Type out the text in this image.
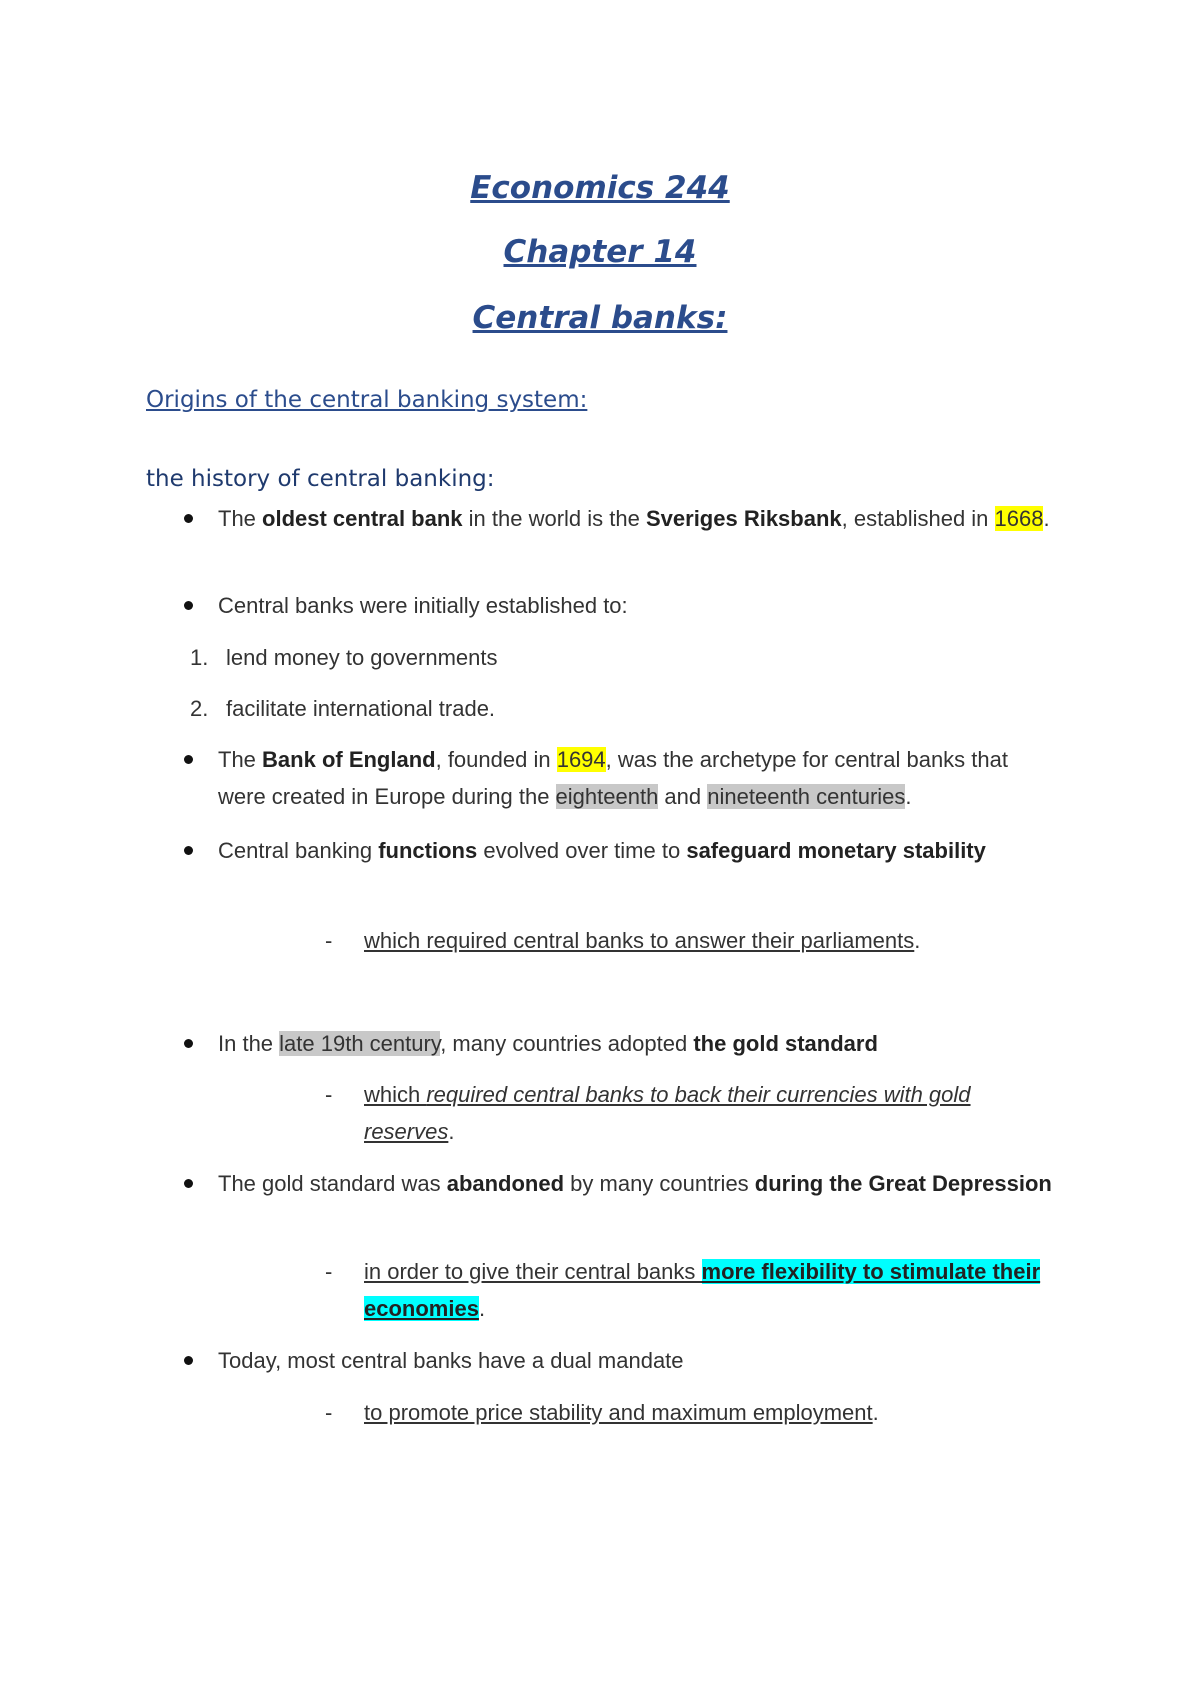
Economics 244
Chapter 14
Central banks:
Origins of the central banking system:
the history of central banking:
The oldest central bank in the world is the Sveriges Riksbank, established in 1668.
Central banks were initially established to:
1. lend money to governments
2. facilitate international trade.
The Bank of England, founded in 1694, was the archetype for central banks that were created in Europe during the eighteenth and nineteenth centuries.
Central banking functions evolved over time to safeguard monetary stability
- which required central banks to answer their parliaments.
In the late 19th century, many countries adopted the gold standard
- which required central banks to back their currencies with gold reserves.
The gold standard was abandoned by many countries during the Great Depression
- in order to give their central banks more flexibility to stimulate their economies.
Today, most central banks have a dual mandate
- to promote price stability and maximum employment.
